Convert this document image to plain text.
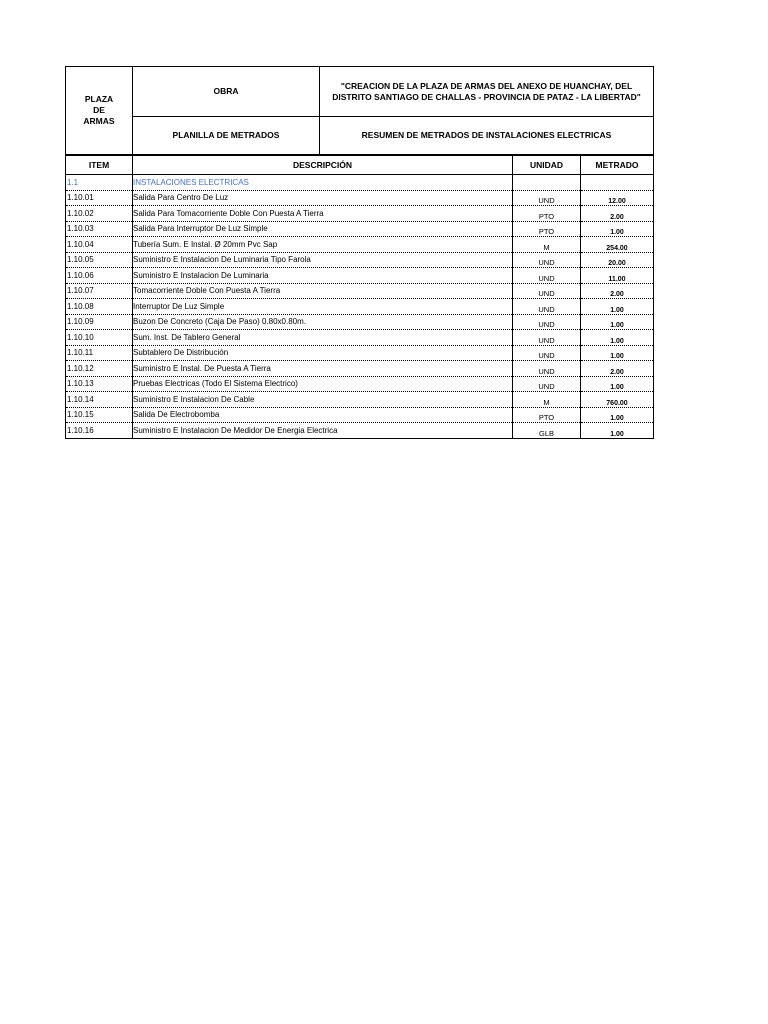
PLAZA DE ARMAS	OBRA	"CREACION DE LA PLAZA DE ARMAS DEL ANEXO DE HUANCHAY, DEL DISTRITO SANTIAGO DE CHALLAS - PROVINCIA DE PATAZ - LA LIBERTAD"
	PLANILLA DE METRADOS	RESUMEN DE METRADOS DE INSTALACIONES ELECTRICAS
ITEM	DESCRIPCIÓN	UNIDAD	METRADO
1.1	INSTALACIONES ELECTRICAS		
1.10.01	Salida Para Centro De Luz	UND	12.00
1.10.02	Salida Para Tomacorriente Doble Con Puesta A Tierra	PTO	2.00
1.10.03	Salida Para Interruptor De Luz Simple	PTO	1.00
1.10.04	Tubería Sum. E Instal. Ø 20mm Pvc Sap	M	254.00
1.10.05	Suministro E Instalacion De Luminaria Tipo Farola	UND	20.00
1.10.06	Suministro E Instalacion De Luminaria	UND	11.00
1.10.07	Tomacorriente Doble Con Puesta A Tierra	UND	2.00
1.10.08	Interruptor De Luz Simple	UND	1.00
1.10.09	Buzon De Concreto (Caja De Paso) 0.80x0.80m.	UND	1.00
1.10.10	Sum. Inst. De Tablero General	UND	1.00
1.10.11	Subtablero De Distribución	UND	1.00
1.10.12	Suministro E Instal. De Puesta A Tierra	UND	2.00
1.10.13	Pruebas Electricas (Todo El Sistema Electrico)	UND	1.00
1.10.14	Suministro E Instalacion De Cable	M	760.00
1.10.15	Salida De Electrobomba	PTO	1.00
1.10.16	Suministro E Instalacion De Medidor De Energia Electrica	GLB	1.00
